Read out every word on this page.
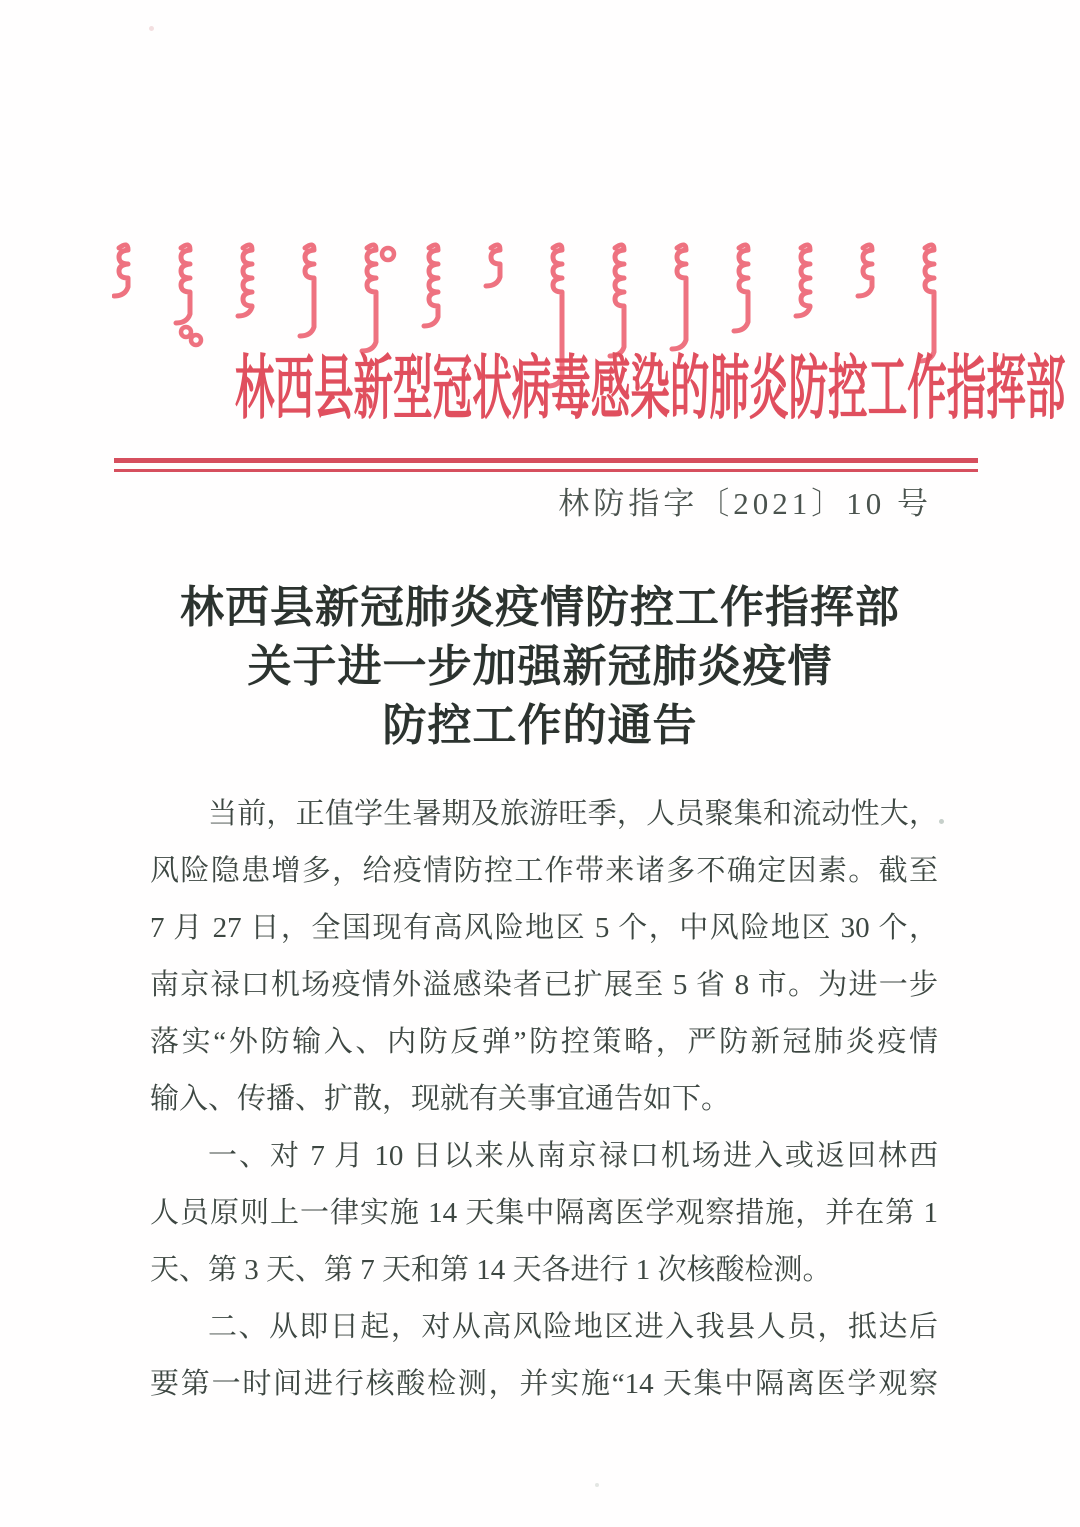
林西县新型冠状病毒感染的肺炎防控工作指挥部
林防指字〔2021〕10 号
林西县新冠肺炎疫情防控工作指挥部
关于进一步加强新冠肺炎疫情
防控工作的通告
当前，正值学生暑期及旅游旺季，人员聚集和流动性大，
风险隐患增多，给疫情防控工作带来诸多不确定因素。截至
7 月 27 日，全国现有高风险地区 5 个，中风险地区 30 个，
南京禄口机场疫情外溢感染者已扩展至 5 省 8 市。为进一步
落实“外防输入、内防反弹”防控策略，严防新冠肺炎疫情
输入、传播、扩散，现就有关事宜通告如下。
一、对 7 月 10 日以来从南京禄口机场进入或返回林西
人员原则上一律实施 14 天集中隔离医学观察措施，并在第 1
天、第 3 天、第 7 天和第 14 天各进行 1 次核酸检测。
二、从即日起，对从高风险地区进入我县人员，抵达后
要第一时间进行核酸检测，并实施“14 天集中隔离医学观察
